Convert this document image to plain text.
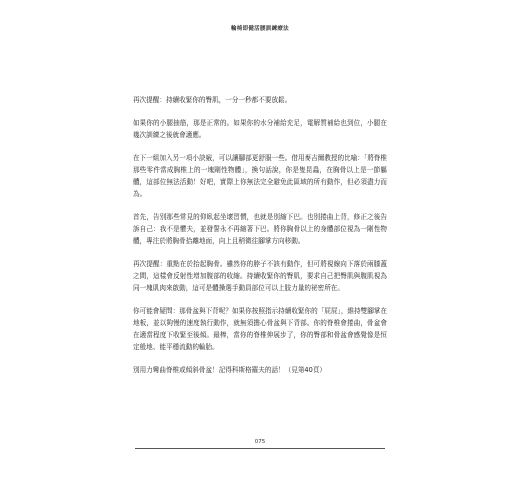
輪椅即健活腰訓練療法

再次提醒：持續收緊你的臀肌，一分一秒都不要放鬆。

如果你的小腿抽筋，那是正常的。如果你的水分補給充足，電解質補給也到位，小腿在幾次訓練之後就會適應。

在下一組加入另一項小訣竅，可以讓腳部更舒服一些。借用麥吉爾教授的比喻：「將脊椎那些零件當成胸椎上的一塊剛性物體」，換句話說，你是隻昆蟲，在胸骨以上是一節軀體，這部位無法活動！好吧，實際上你無法完全避免此區域的所有動作，但必須盡力而為。

首先，告別那些常見的仰臥起坐壞習慣，也就是別縮下巴。也別捲曲上背，修正之後告訴自己：我不是懼夫，並發誓永不再縮著下巴。將你胸骨以上的身體部位視為一剛性物體，專注於將胸骨拾離地面，向上且稍微往腳掌方向移動。

再次提醒：重點在於抬起胸骨。雖然你的脖子不該有動作，但可將視線向下落於兩膝蓋之間，這樣會反射性增加腹部的收縮。持續收緊你的臀肌，要求自己把臀肌與腹肌視為同一塊肌肉來啟動，這可是體操選手動員部位可以上肢力量的祕密所在。

你可能會疑問：那骨盆與下背呢？如果你按照指示持續收緊你的「屁屁」，維持雙腳掌在地板，並以夠慢的速度執行動作，就無須擔心骨盆與下背部。你的脊椎會捲曲，骨盆會在適當程度下收緊至後傾。最棒，當你的脊椎伸展步了，你的臀部和骨盆會感覺像是恒定般地、能平穩流動的輪胎。

別用力彎曲脊椎或傾斜骨盆！記得科斯格羅夫的話！（見第40頁）

075
